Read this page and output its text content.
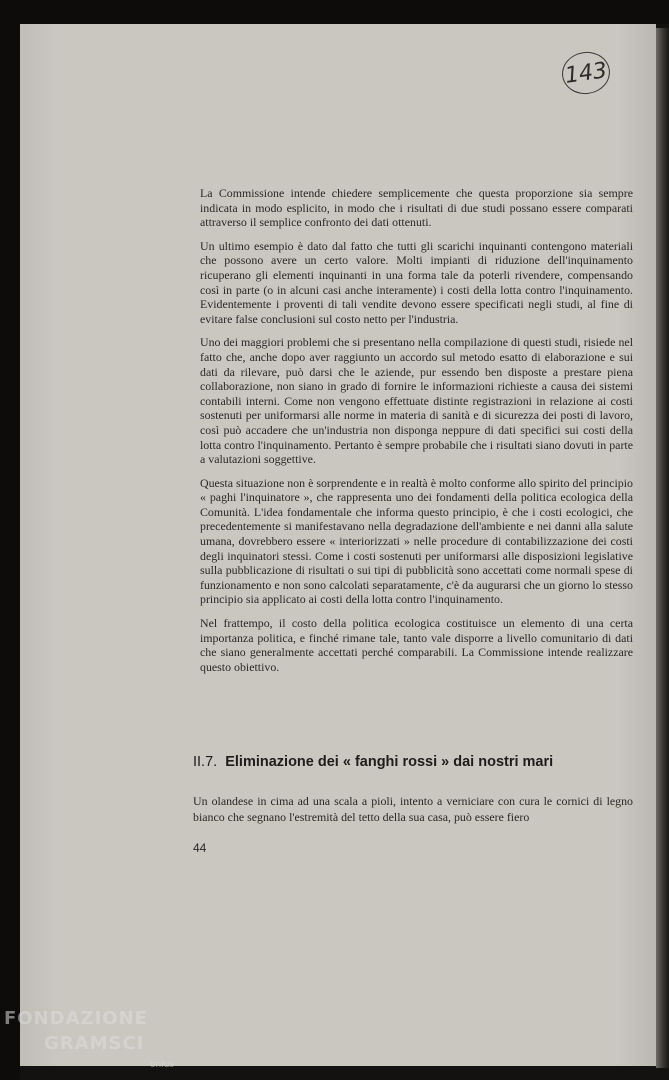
143

La Commissione intende chiedere semplicemente che questa proporzione sia sempre indicata in modo esplicito, in modo che i risultati di due studi possano essere comparati attraverso il semplice confronto dei dati ottenuti.

Un ultimo esempio è dato dal fatto che tutti gli scarichi inquinanti contengono materiali che possono avere un certo valore. Molti impianti di riduzione dell'inquinamento ricuperano gli elementi inquinanti in una forma tale da poterli rivendere, compensando così in parte (o in alcuni casi anche interamente) i costi della lotta contro l'inquinamento. Evidentemente i proventi di tali vendite devono essere specificati negli studi, al fine di evitare false conclusioni sul costo netto per l'industria.

Uno dei maggiori problemi che si presentano nella compilazione di questi studi, risiede nel fatto che, anche dopo aver raggiunto un accordo sul metodo esatto di elaborazione e sui dati da rilevare, può darsi che le aziende, pur essendo ben disposte a prestare piena collaborazione, non siano in grado di fornire le informazioni richieste a causa dei sistemi contabili interni. Come non vengono effettuate distinte registrazioni in relazione ai costi sostenuti per uniformarsi alle norme in materia di sanità e di sicurezza dei posti di lavoro, così può accadere che un'industria non disponga neppure di dati specifici sui costi della lotta contro l'inquinamento. Pertanto è sempre probabile che i risultati siano dovuti in parte a valutazioni soggettive.

Questa situazione non è sorprendente e in realtà è molto conforme allo spirito del principio « paghi l'inquinatore », che rappresenta uno dei fondamenti della politica ecologica della Comunità. L'idea fondamentale che informa questo principio, è che i costi ecologici, che precedentemente si manifestavano nella degradazione dell'ambiente e nei danni alla salute umana, dovrebbero essere « interiorizzati » nelle procedure di contabilizzazione dei costi degli inquinatori stessi. Come i costi sostenuti per uniformarsi alle disposizioni legislative sulla pubblicazione di risultati o sui tipi di pubblicità sono accettati come normali spese di funzionamento e non sono calcolati separatamente, c'è da augurarsi che un giorno lo stesso principio sia applicato ai costi della lotta contro l'inquinamento.

Nel frattempo, il costo della politica ecologica costituisce un elemento di una certa importanza politica, e finché rimane tale, tanto vale disporre a livello comunitario di dati che siano generalmente accettati perché comparabili. La Commissione intende realizzare questo obiettivo.

II.7. Eliminazione dei « fanghi rossi » dai nostri mari
Un olandese in cima ad una scala a pioli, intento a verniciare con cura le cornici di legno bianco che segnano l'estremità del tetto della sua casa, può essere fiero
44
FONDAZIONE
GRAMSCI
onlus
